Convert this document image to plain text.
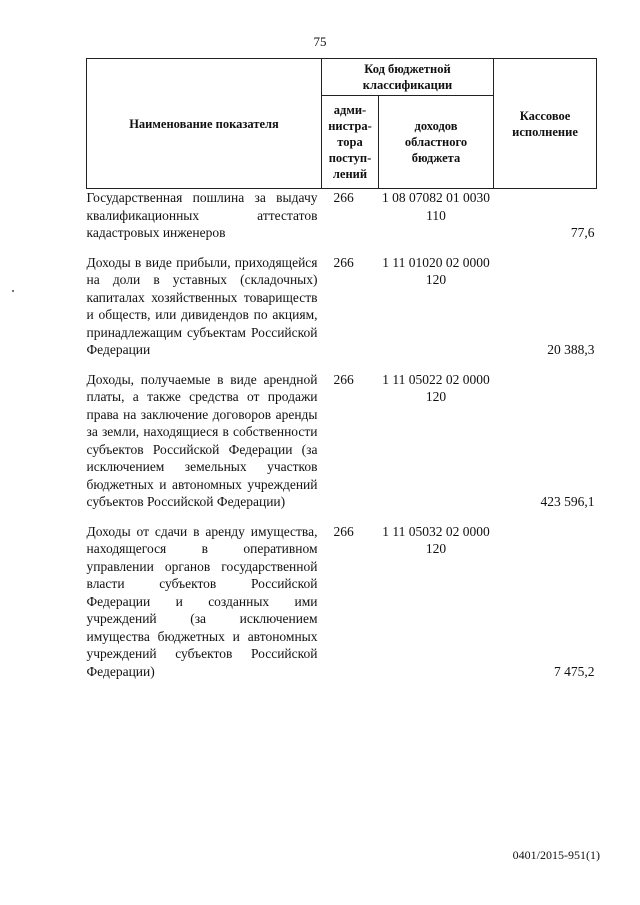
75
Наименование показателя	Код бюджетной классификации		Кассовое исполнение
	адми-нистра-тора поступ-лений	доходов областного бюджета	
Государственная пошлина за выдачу квалификационных аттестатов кадастровых инженеров	266	1 08 07082 01 0030 110	77,6
Доходы в виде прибыли, приходящейся на доли в уставных (складочных) капиталах хозяйственных товариществ и обществ, или дивидендов по акциям, принадлежащим субъектам Российской Федерации	266	1 11 01020 02 0000 120	20 388,3
Доходы, получаемые в виде арендной платы, а также средства от продажи права на заключение договоров аренды за земли, находящиеся в собственности субъектов Российской Федерации (за исключением земельных участков бюджетных и автономных учреждений субъектов Российской Федерации)	266	1 11 05022 02 0000 120	423 596,1
Доходы от сдачи в аренду имущества, находящегося в оперативном управлении органов государственной власти субъектов Российской Федерации и созданных ими учреждений (за исключением имущества бюджетных и автономных учреждений субъектов Российской Федерации)	266	1 11 05032 02 0000 120	7 475,2
0401/2015-951(1)
